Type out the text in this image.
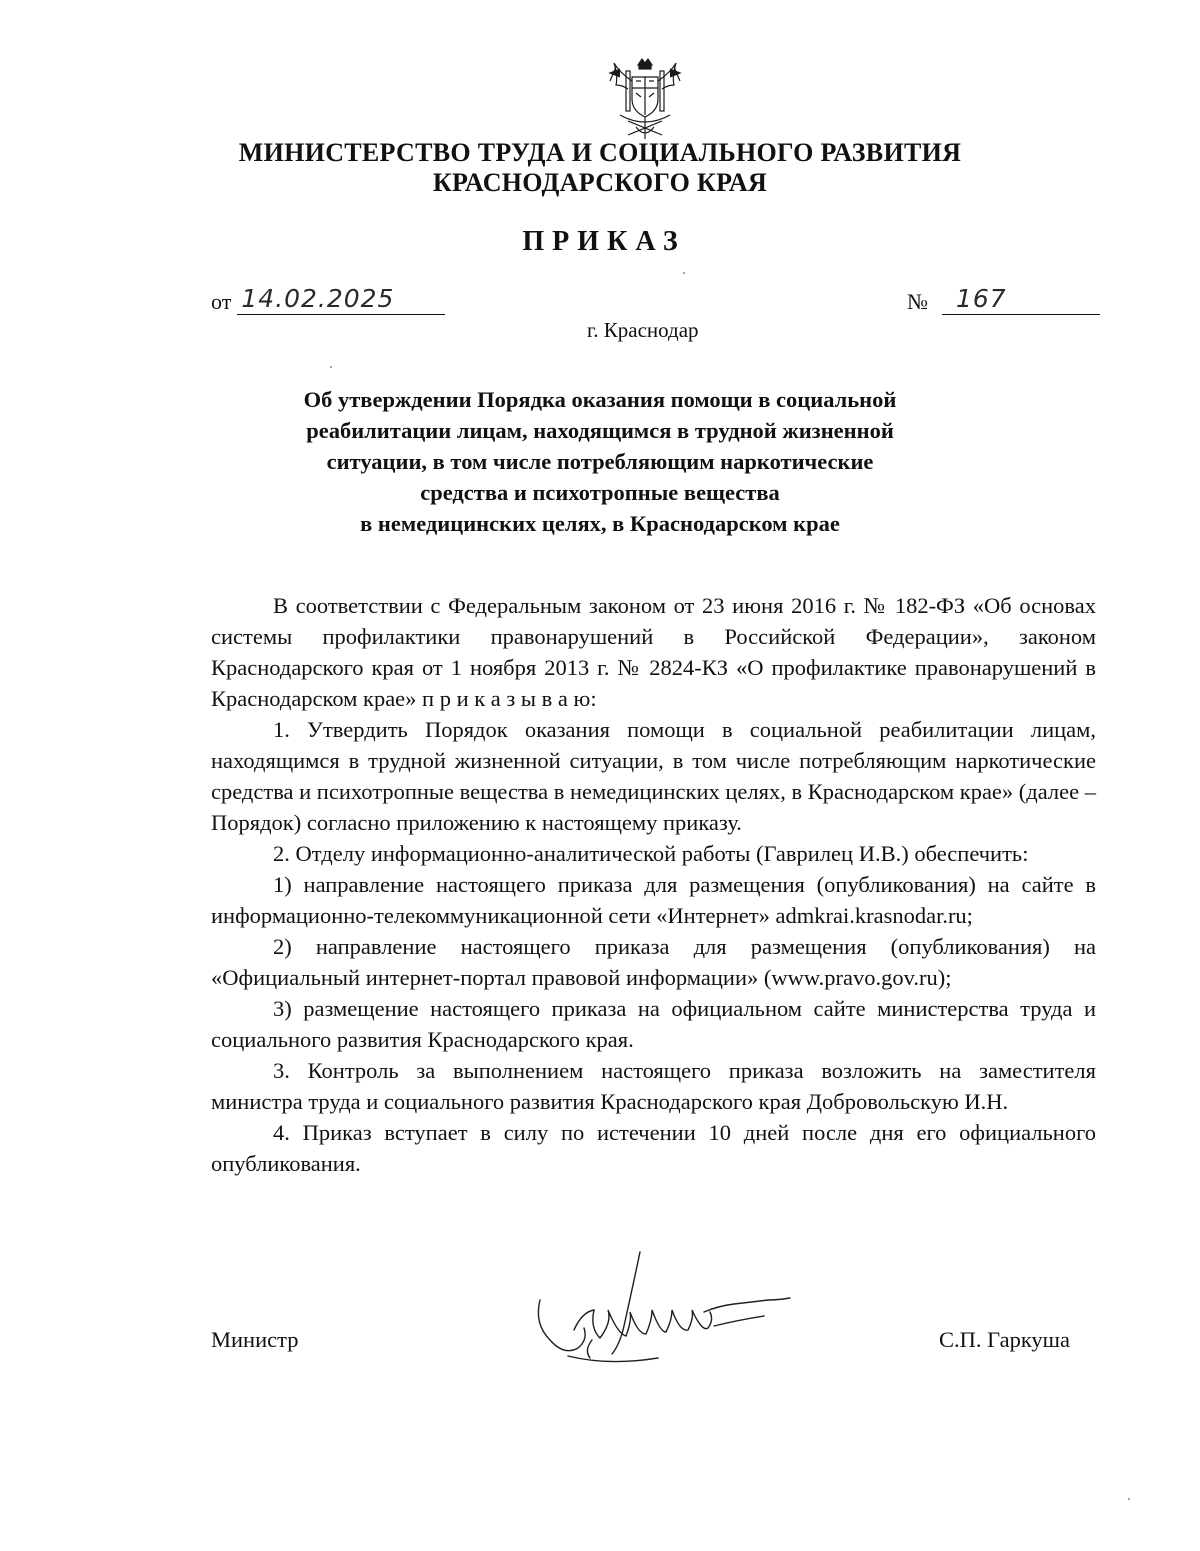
МИНИСТЕРСТВО ТРУДА И СОЦИАЛЬНОГО РАЗВИТИЯ
КРАСНОДАРСКОГО КРАЯ
ПРИКАЗ
от 14.02.2025	№ 167
г. Краснодар
Об утверждении Порядка оказания помощи в социальной
реабилитации лицам, находящимся в трудной жизненной
ситуации, в том числе потребляющим наркотические
средства и психотропные вещества
в немедицинских целях, в Краснодарском крае

В соответствии с Федеральным законом от 23 июня 2016 г. № 182-ФЗ «Об основах системы профилактики правонарушений в Российской Федерации», законом Краснодарского края от 1 ноября 2013 г. № 2824-КЗ «О профилактике правонарушений в Краснодарском крае» п р и к а з ы в а ю:

1. Утвердить Порядок оказания помощи в социальной реабилитации лицам, находящимся в трудной жизненной ситуации, в том числе потребляющим наркотические средства и психотропные вещества в немедицинских целях, в Краснодарском крае» (далее – Порядок) согласно приложению к настоящему приказу.

2. Отделу информационно-аналитической работы (Гаврилец И.В.) обеспечить:

1) направление настоящего приказа для размещения (опубликования) на сайте в информационно-телекоммуникационной сети «Интернет» admkrai.krasnodar.ru;

2) направление настоящего приказа для размещения (опубликования) на «Официальный интернет-портал правовой информации» (www.pravo.gov.ru);

3) размещение настоящего приказа на официальном сайте министерства труда и социального развития Краснодарского края.

3. Контроль за выполнением настоящего приказа возложить на заместителя министра труда и социального развития Краснодарского края Добровольскую И.Н.

4. Приказ вступает в силу по истечении 10 дней после дня его официального опубликования.

Министр	С.П. Гаркуша
